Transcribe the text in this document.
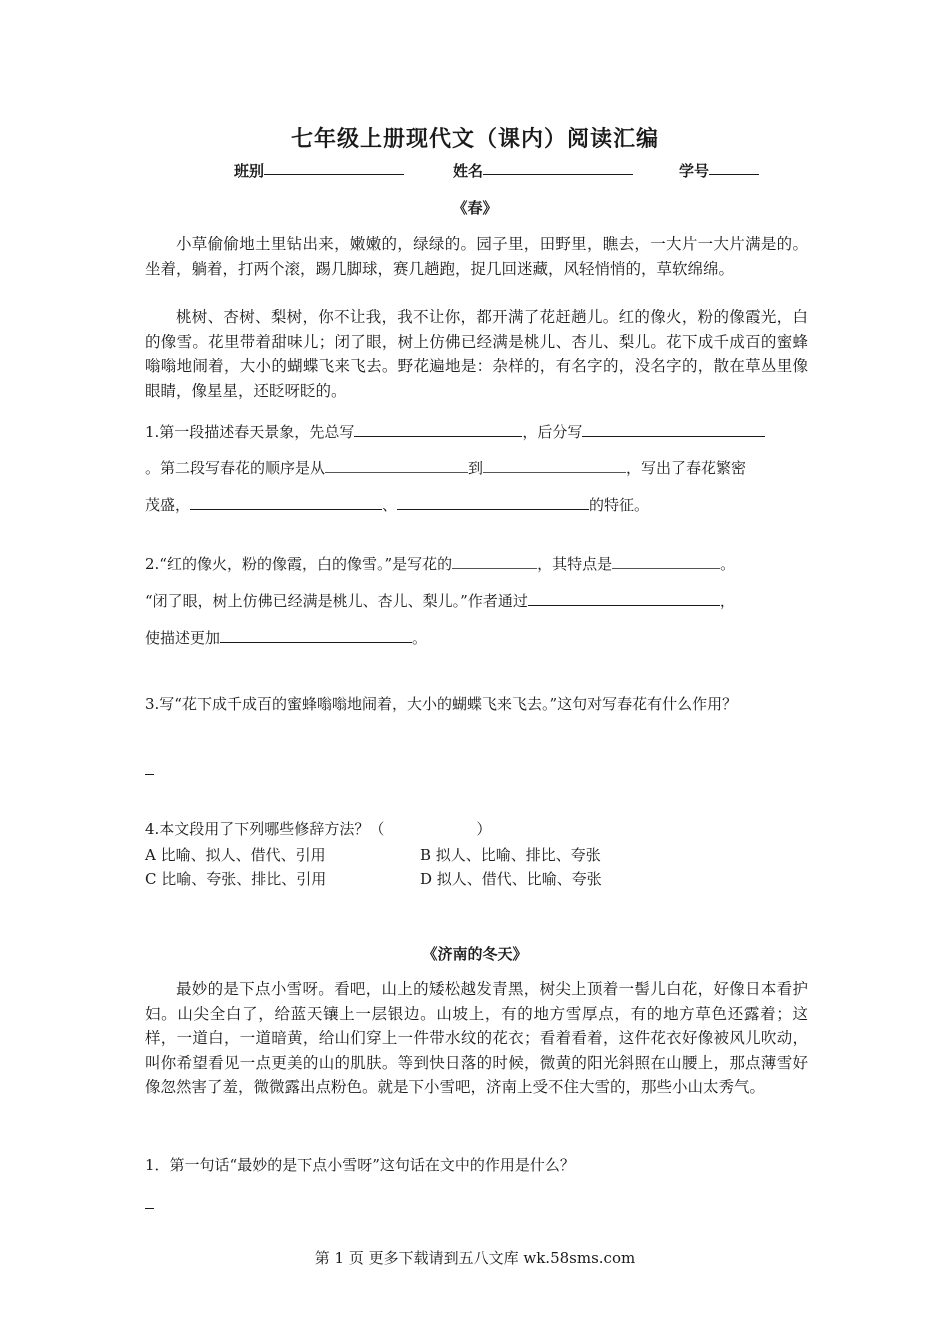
七年级上册现代文（课内）阅读汇编
班别	姓名	学号
《春》

小草偷偷地土里钻出来，嫩嫩的，绿绿的。园子里，田野里，瞧去，一大片一大片满是的。坐着，躺着，打两个滚，踢几脚球，赛几趟跑，捉几回迷藏，风轻悄悄的，草软绵绵。

桃树、杏树、梨树，你不让我，我不让你，都开满了花赶趟儿。红的像火，粉的像霞光，白的像雪。花里带着甜味儿；闭了眼，树上仿佛已经满是桃儿、杏儿、梨儿。花下成千成百的蜜蜂嗡嗡地闹着，大小的蝴蝶飞来飞去。野花遍地是：杂样的，有名字的，没名字的，散在草丛里像眼睛，像星星，还眨呀眨的。

1.第一段描述春天景象，先总写	，后分写
。第二段写春花的顺序是从	到	，写出了春花繁密
茂盛，	、	的特征。
2.“红的像火，粉的像霞，白的像雪。”是写花的	，其特点是	。
“闭了眼，树上仿佛已经满是桃儿、杏儿、梨儿。”作者通过	，
使描述更加	。
3.写“花下成千成百的蜜蜂嗡嗡地闹着，大小的蝴蝶飞来飞去。”这句对写春花有什么作用？
4.本文段用了下列哪些修辞方法？（	）
A 比喻、拟人、借代、引用	B 拟人、比喻、排比、夸张
C 比喻、夸张、排比、引用	D 拟人、借代、比喻、夸张
《济南的冬天》

最妙的是下点小雪呀。看吧，山上的矮松越发青黑，树尖上顶着一髻儿白花，好像日本看护妇。山尖全白了，给蓝天镶上一层银边。山坡上，有的地方雪厚点，有的地方草色还露着；这样，一道白，一道暗黄，给山们穿上一件带水纹的花衣；看着看着，这件花衣好像被风儿吹动，叫你希望看见一点更美的山的肌肤。等到快日落的时候，微黄的阳光斜照在山腰上，那点薄雪好像忽然害了羞，微微露出点粉色。就是下小雪吧，济南上受不住大雪的，那些小山太秀气。

1．第一句话“最妙的是下点小雪呀”这句话在文中的作用是什么？
第 1 页 更多下载请到五八文库 wk.58sms.com
